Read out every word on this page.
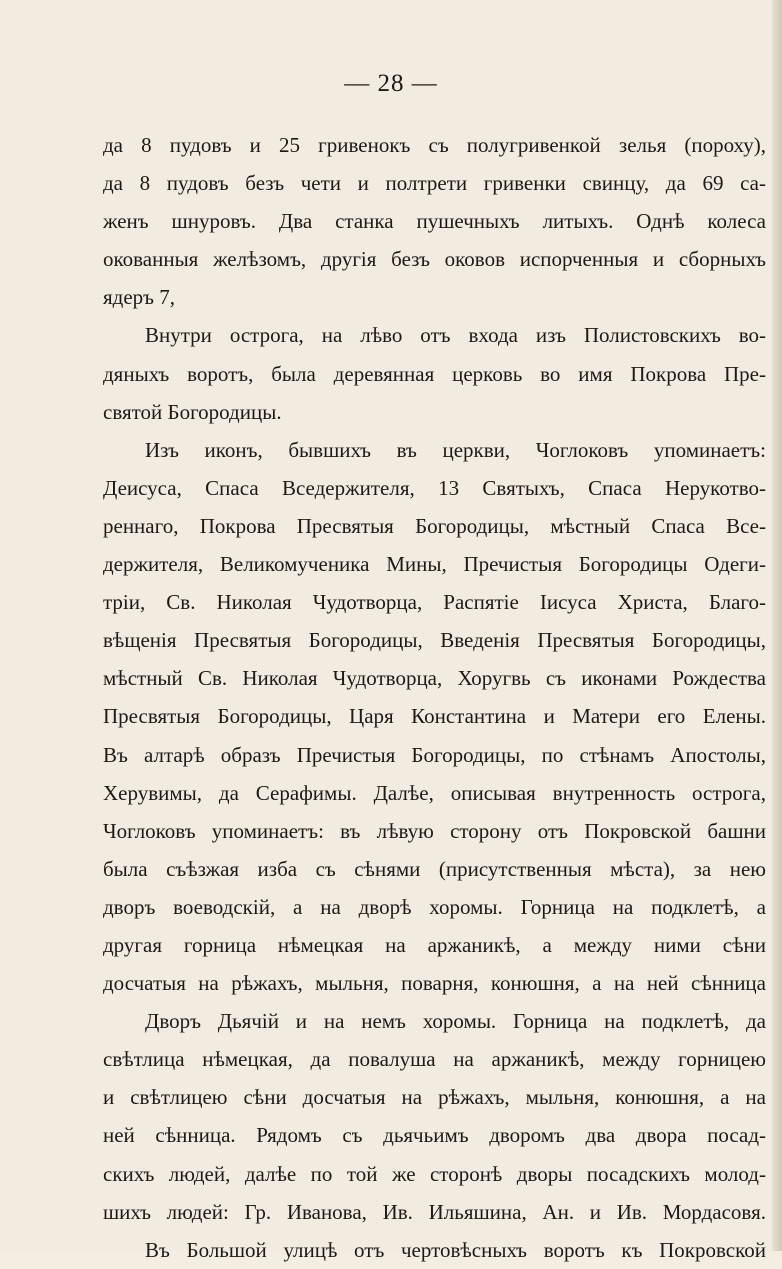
— 28 —
да 8 пудовъ и 25 гривенокъ съ полугривенкой зелья (пороху),
да 8 пудовъ безъ чети и полтрети гривенки свинцу, да 69 са-
женъ шнуровъ. Два станка пушечныхъ литыхъ. Однѣ колеса
окованныя желѣзомъ, другія безъ оковов испорченныя и сборныхъ
ядеръ 7,
Внутри острога, на лѣво отъ входа изъ Полистовскихъ во-
дяныхъ воротъ, была деревянная церковь во имя Покрова Пре-
святой Богородицы.
Изъ иконъ, бывшихъ въ церкви, Чоглоковъ упоминаетъ:
Деисуса, Спаса Вседержителя, 13 Святыхъ, Спаса Нерукотво-
реннаго, Покрова Пресвятыя Богородицы, мѣстный Спаса Все-
держителя, Великомученика Мины, Пречистыя Богородицы Одеги-
тріи, Св. Николая Чудотворца, Распятіе Іисуса Христа, Благо-
вѣщенія Пресвятыя Богородицы, Введенія Пресвятыя Богородицы,
мѣстный Св. Николая Чудотворца, Хоругвь съ иконами Рождества
Пресвятыя Богородицы, Царя Константина и Матери его Елены.
Въ алтарѣ образъ Пречистыя Богородицы, по стѣнамъ Апостолы,
Херувимы, да Серафимы. Далѣе, описывая внутренность острога,
Чоглоковъ упоминаетъ: въ лѣвую сторону отъ Покровской башни
была съѣзжая изба съ сѣнями (присутственныя мѣста), за нею
дворъ воеводскій, а на дворѣ хоромы. Горница на подклетѣ, а
другая горница нѣмецкая на аржаникѣ, а между ними сѣни
досчатыя на рѣжахъ, мыльня, поварня, конюшня, а на ней сѣнница
Дворъ Дьячій и на немъ хоромы. Горница на подклетѣ, да
свѣтлица нѣмецкая, да повалуша на аржаникѣ, между горницею
и свѣтлицею сѣни досчатыя на рѣжахъ, мыльня, конюшня, а на
ней сѣнница. Рядомъ съ дьячьимъ дворомъ два двора посад-
скихъ людей, далѣе по той же сторонѣ дворы посадскихъ молод-
шихъ людей: Гр. Иванова, Ив. Ильяшина, Ан. и Ив. Мордасовя.
Въ Большой улицѣ отъ чертовѣсныхъ воротъ къ Покровской
